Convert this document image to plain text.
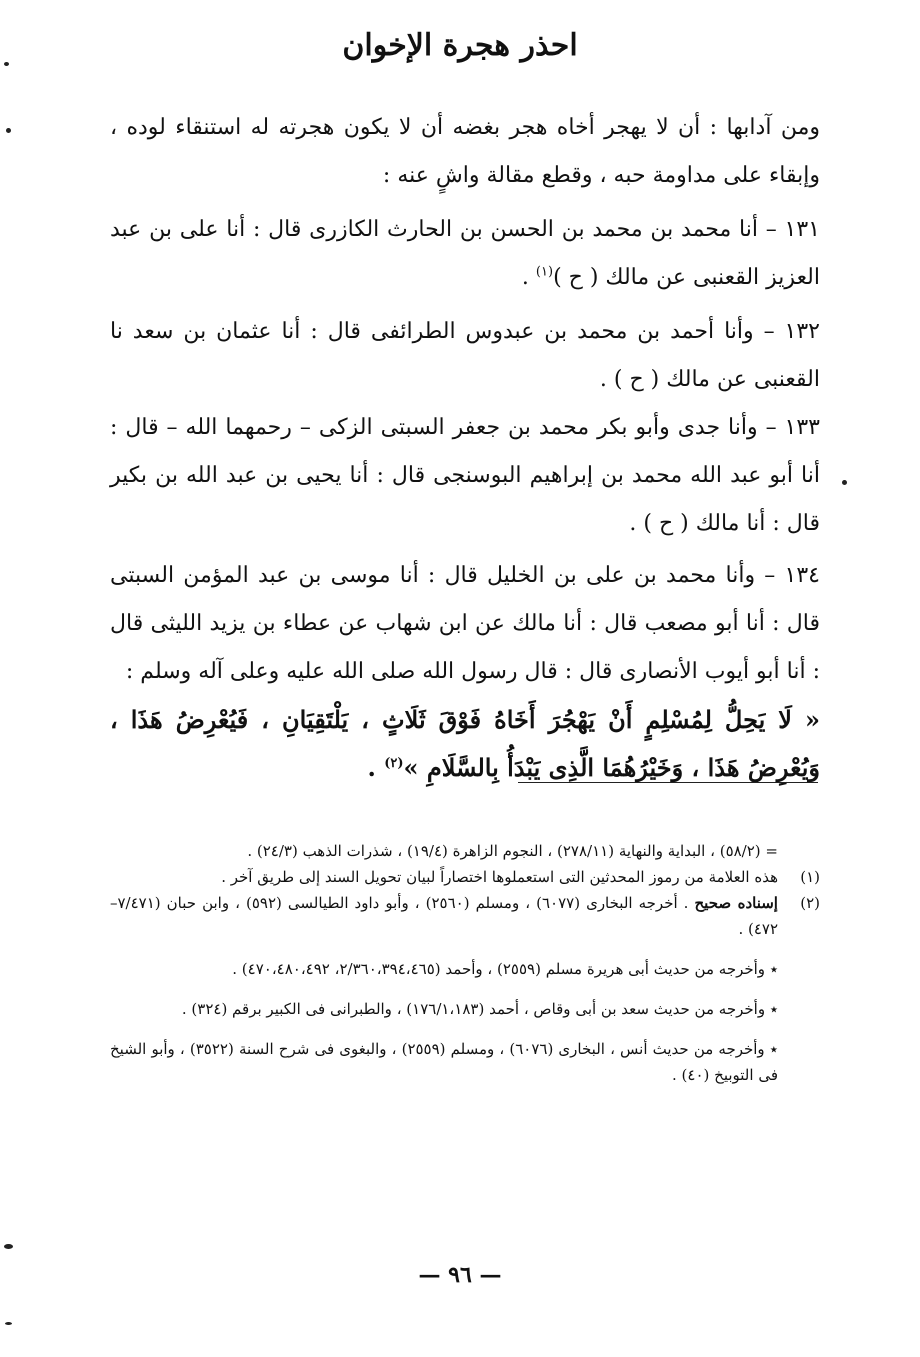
احذر هجرة الإخوان

ومن آدابها : أن لا يهجر أخاه هجر بغضه أن لا يكون هجرته له استنقاء لوده ، وإبقاء على مداومة حبه ، وقطع مقالة واشٍ عنه :

١٣١ – أنا محمد بن محمد بن الحسن بن الحارث الكازرى قال : أنا على بن عبد العزيز القعنبى عن مالك ( ح )$^{(١)}$ .

١٣٢ – وأنا أحمد بن محمد بن عبدوس الطرائفى قال : أنا عثمان بن سعد نا القعنبى عن مالك ( ح ) .

١٣٣ – وأنا جدى وأبو بكر محمد بن جعفر السبتى الزكى – رحمهما الله – قال : أنا أبو عبد الله محمد بن إبراهيم البوسنجى قال : أنا يحيى بن عبد الله بن بكير قال : أنا مالك ( ح ) .

١٣٤ – وأنا محمد بن على بن الخليل قال : أنا موسى بن عبد المؤمن السبتى قال : أنا أبو مصعب قال : أنا مالك عن ابن شهاب عن عطاء بن يزيد الليثى قال : أنا أبو أيوب الأنصارى قال : قال رسول الله صلى الله عليه وعلى آله وسلم :

« لَا يَحِلُّ لِمُسْلِمٍ أَنْ يَهْجُرَ أَخَاهُ فَوْقَ ثَلَاثٍ ، يَلْتَقِيَانِ ، فَيُعْرِضُ هَذَا ، وَيُعْرِضُ هَذَا ، وَخَيْرُهُمَا الَّذِى يَبْدَأُ بِالسَّلَامِ »$^{(٢)}$ .

= (٥٨/٢) ، البداية والنهاية (٢٧٨/١١) ، النجوم الزاهرة (١٩/٤) ، شذرات الذهب (٢٤/٣) .
(١)
هذه العلامة من رموز المحدثين التى استعملوها اختصاراً لبيان تحويل السند إلى طريق آخر .
(٢)
إسناده صحيح . أخرجه البخارى (٦٠٧٧) ، ومسلم (٢٥٦٠) ، وأبو داود الطيالسى (٥٩٢) ، وابن حبان (٧/٤٧١–٤٧٢) .
٭ وأخرجه من حديث أبى هريرة مسلم (٢٥٥٩) ، وأحمد (٢/٣٦٠،٣٩٤،٤٦٥، ٤٧٠،٤٨٠،٤٩٢) .
٭ وأخرجه من حديث سعد بن أبى وقاص ، أحمد (١٧٦/١،١٨٣) ، والطبرانى فى الكبير برقم (٣٢٤) .
٭ وأخرجه من حديث أنس ، البخارى (٦٠٧٦) ، ومسلم (٢٥٥٩) ، والبغوى فى شرح السنة (٣٥٢٢) ، وأبو الشيخ فى التوبيخ (٤٠) .
— ٩٦ —
